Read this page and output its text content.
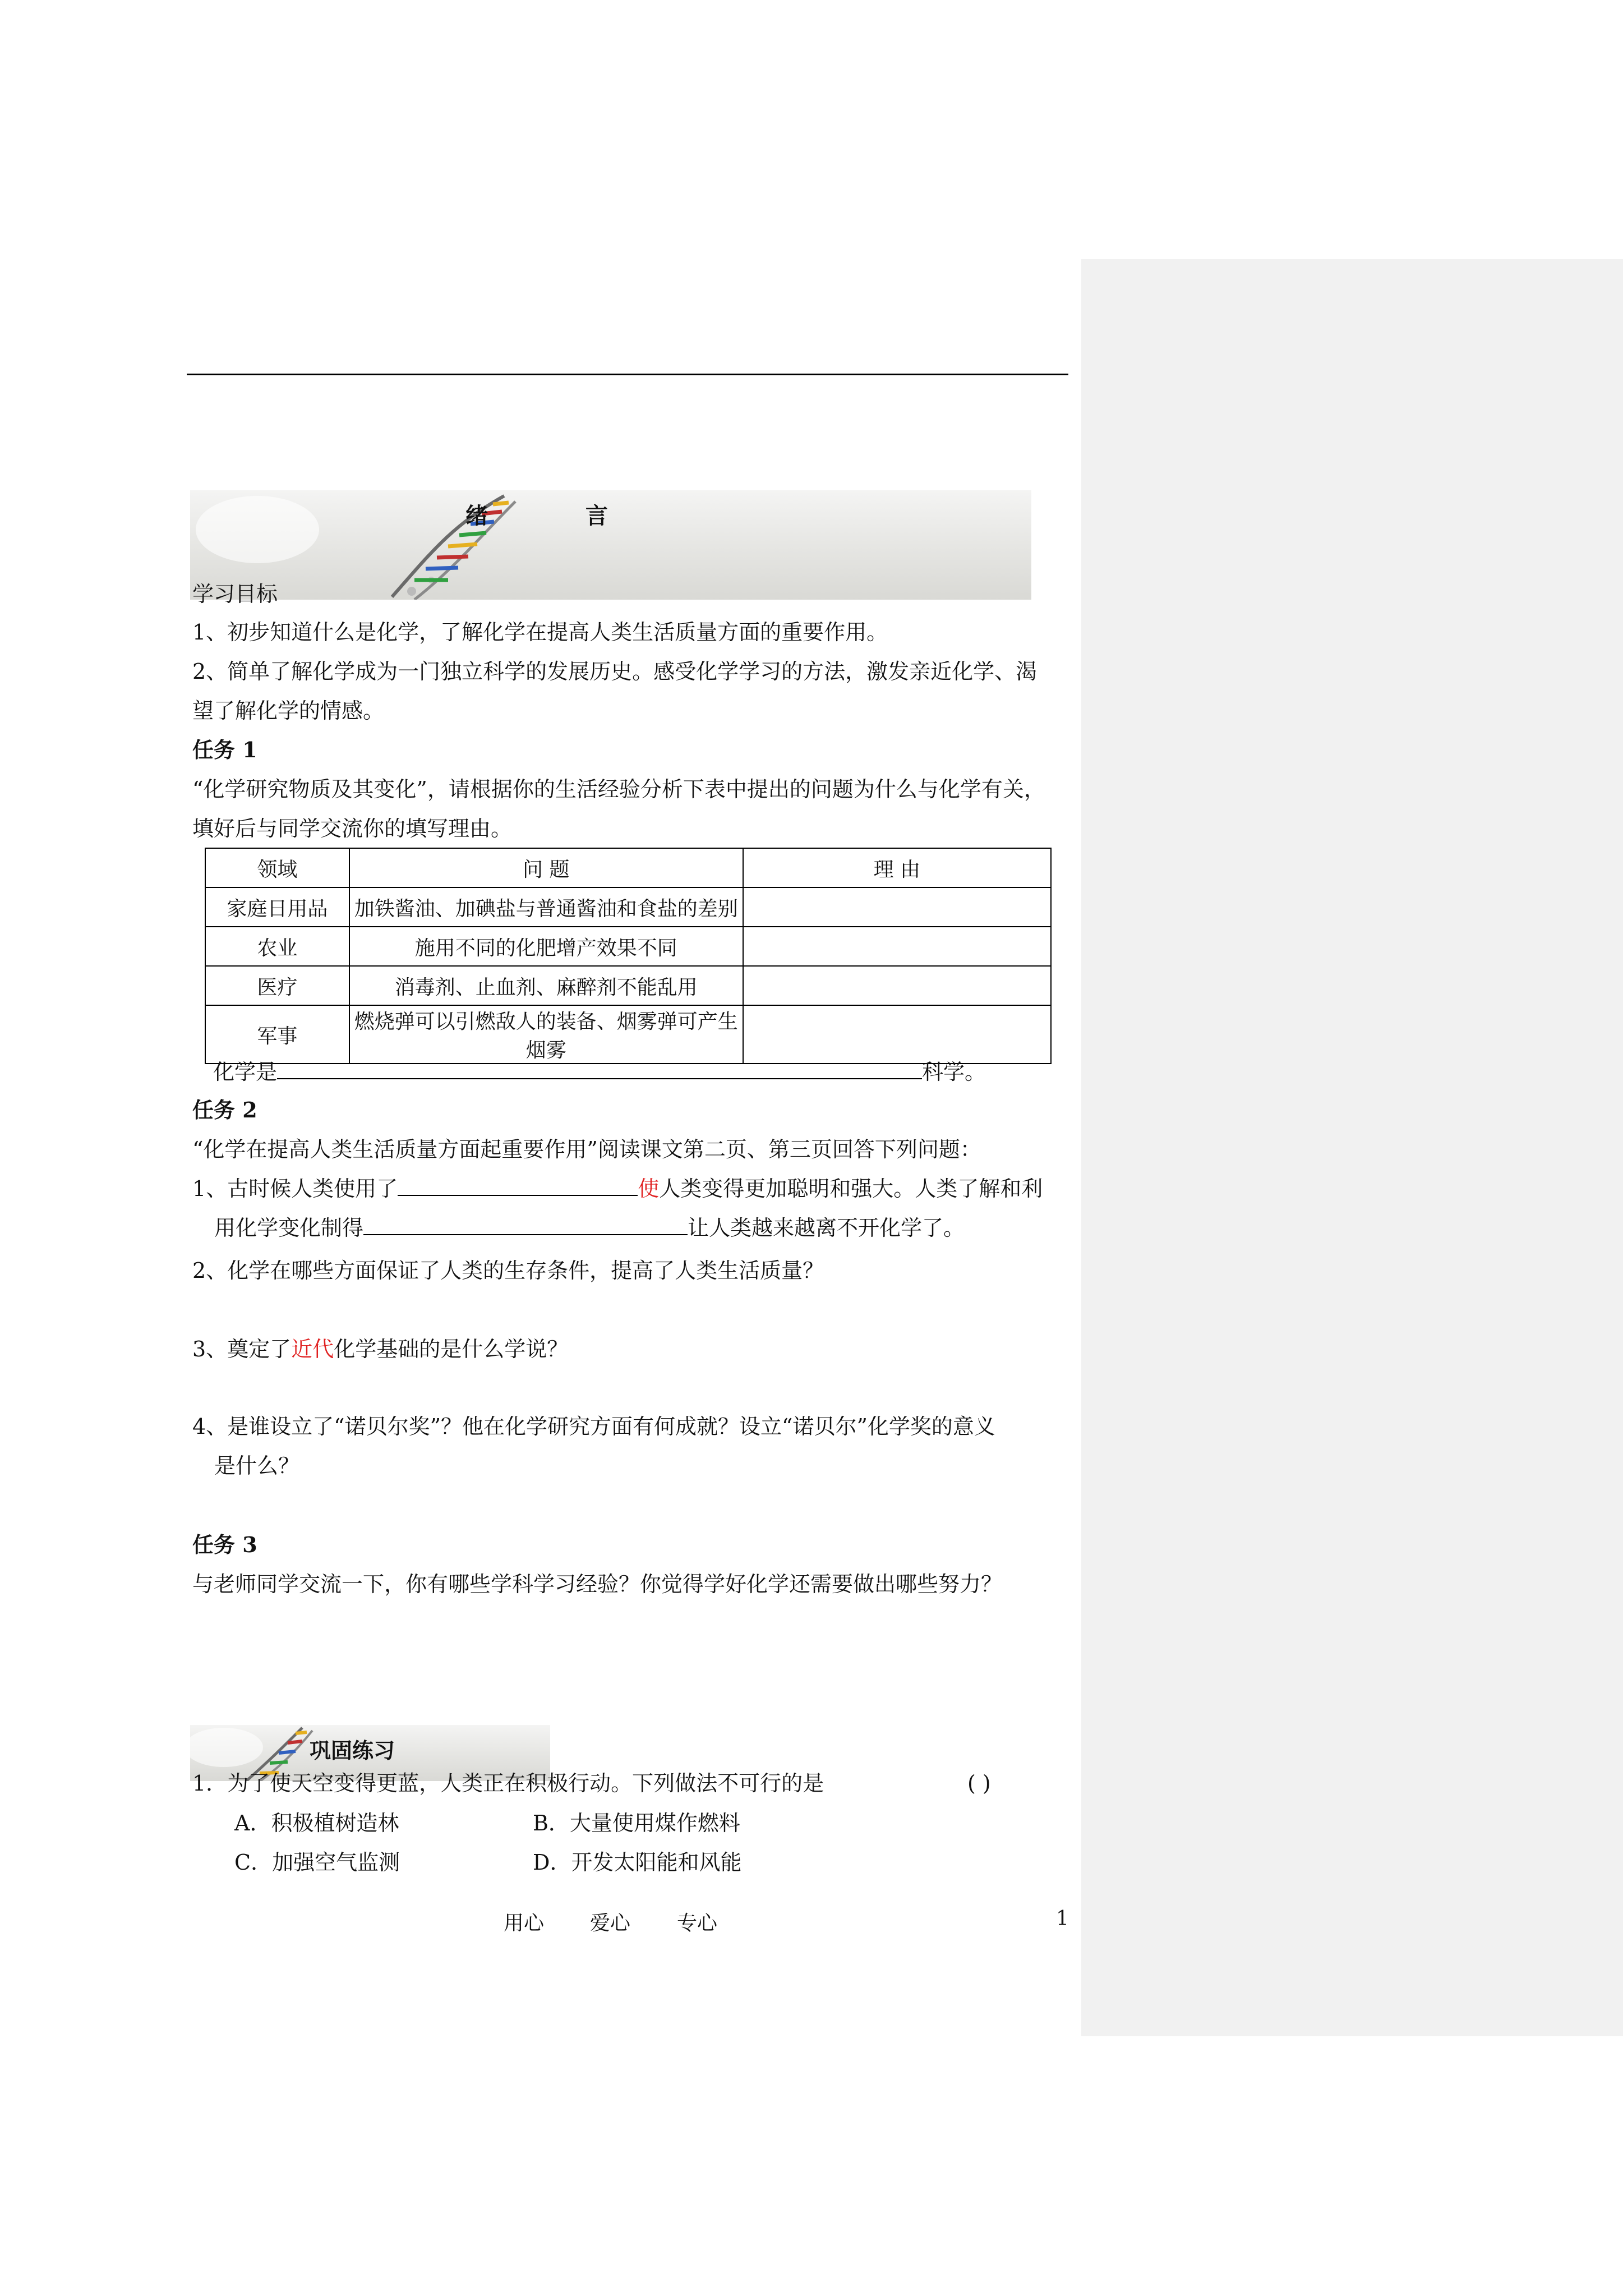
绪 言
学习目标
1、初步知道什么是化学，了解化学在提高人类生活质量方面的重要作用。
2、简单了解化学成为一门独立科学的发展历史。感受化学学习的方法，激发亲近化学、渴
望了解化学的情感。
任务 1
“化学研究物质及其变化”，请根据你的生活经验分析下表中提出的问题为什么与化学有关，
填好后与同学交流你的填写理由。
领域	问 题	理 由
家庭日用品	加铁酱油、加碘盐与普通酱油和食盐的差别	
农业	施用不同的化肥增产效果不同	
医疗	消毒剂、止血剂、麻醉剂不能乱用	
军事	燃烧弹可以引燃敌人的装备、烟雾弹可产生烟雾	
化学是	科学。
任务 2
“化学在提高人类生活质量方面起重要作用”阅读课文第二页、第三页回答下列问题：
1、古时候人类使用了	使人类变得更加聪明和强大。人类了解和利
用化学变化制得	让人类越来越离不开化学了。
2、化学在哪些方面保证了人类的生存条件，提高了人类生活质量？
3、奠定了近代化学基础的是什么学说？
4、是谁设立了“诺贝尔奖”？他在化学研究方面有何成就？设立“诺贝尔”化学奖的意义
是什么？
任务 3
与老师同学交流一下，你有哪些学科学习经验？你觉得学好化学还需要做出哪些努力？
巩固练习
1．为了使天空变得更蓝，人类正在积极行动。下列做法不可行的是	( )
A．积极植树造林	B．大量使用煤作燃料
C．加强空气监测	D．开发太阳能和风能
用心 爱心 专心	1
